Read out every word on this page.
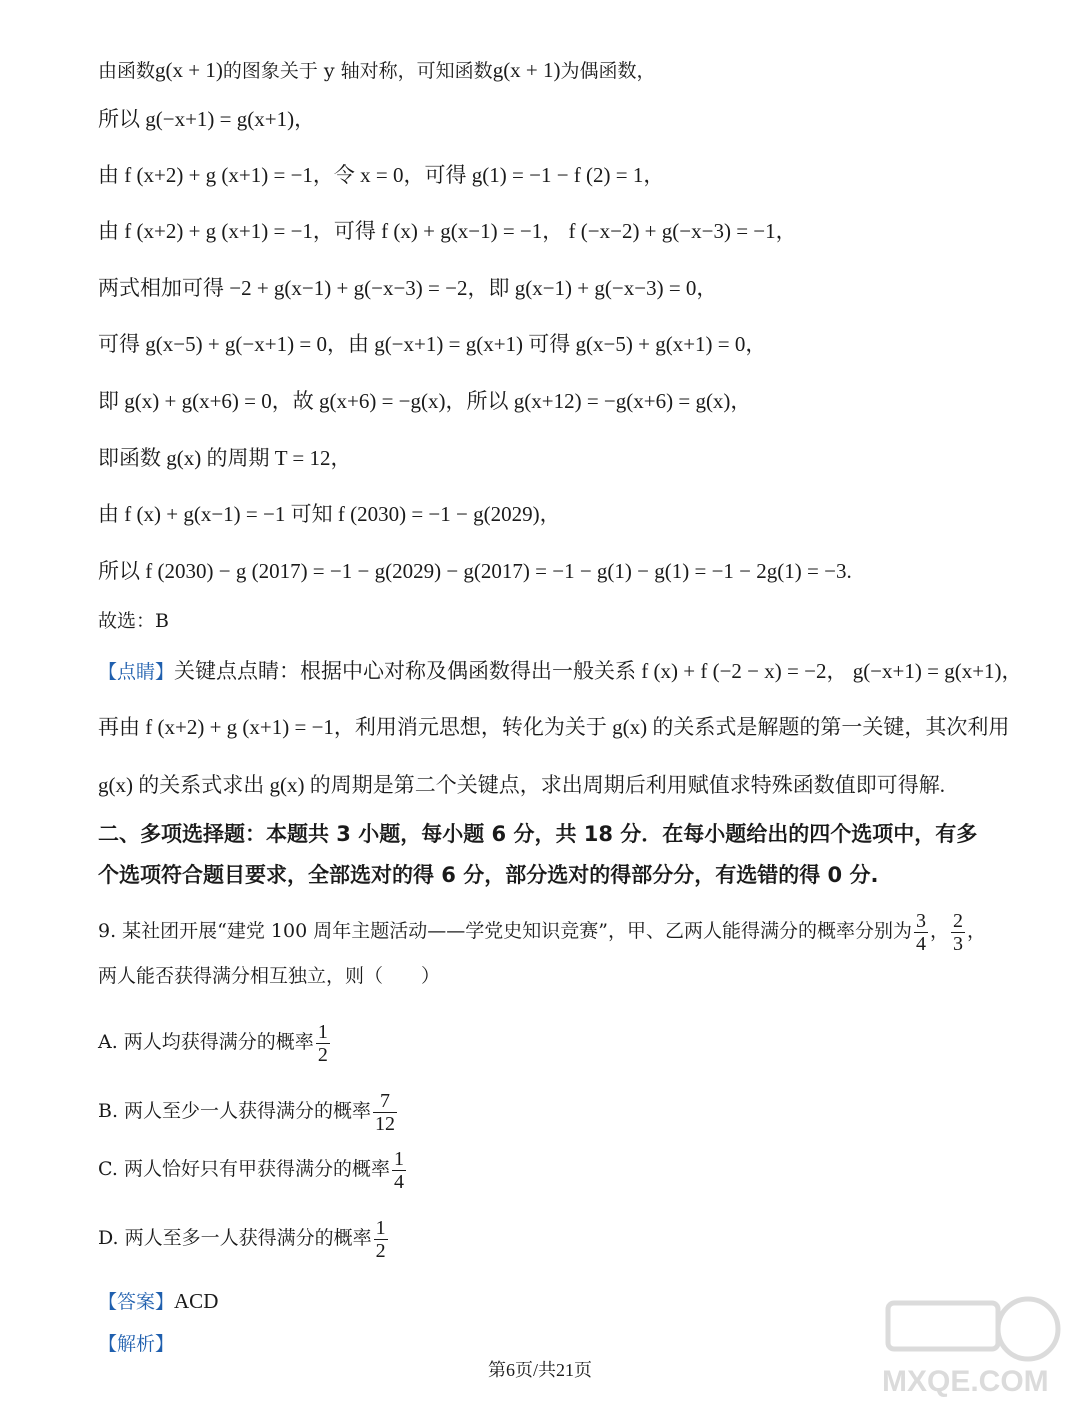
由函数g(x + 1)的图象关于 y 轴对称，可知函数g(x + 1)为偶函数，
所以 g(−x+1) = g(x+1)，
由 f (x+2) + g (x+1) = −1，令 x = 0，可得 g(1) = −1 − f (2) = 1，
由 f (x+2) + g (x+1) = −1，可得 f (x) + g(x−1) = −1， f (−x−2) + g(−x−3) = −1，
两式相加可得 −2 + g(x−1) + g(−x−3) = −2，即 g(x−1) + g(−x−3) = 0，
可得 g(x−5) + g(−x+1) = 0，由 g(−x+1) = g(x+1) 可得 g(x−5) + g(x+1) = 0，
即 g(x) + g(x+6) = 0，故 g(x+6) = −g(x)，所以 g(x+12) = −g(x+6) = g(x)，
即函数 g(x) 的周期 T = 12，
由 f (x) + g(x−1) = −1 可知 f (2030) = −1 − g(2029)，
所以 f (2030) − g (2017) = −1 − g(2029) − g(2017) = −1 − g(1) − g(1) = −1 − 2g(1) = −3.
故选：B
【点睛】关键点点睛：根据中心对称及偶函数得出一般关系 f (x) + f (−2 − x) = −2， g(−x+1) = g(x+1)，
再由 f (x+2) + g (x+1) = −1，利用消元思想，转化为关于 g(x) 的关系式是解题的第一关键，其次利用
g(x) 的关系式求出 g(x) 的周期是第二个关键点，求出周期后利用赋值求特殊函数值即可得解.
二、多项选择题：本题共 3 小题，每小题 6 分，共 18 分．在每小题给出的四个选项中，有多
个选项符合题目要求，全部选对的得 6 分，部分选对的得部分分，有选错的得 0 分.
9. 某社团开展“建党 100 周年主题活动——学党史知识竞赛”，甲、乙两人能得满分的概率分别为 $\frac{3}{4}$ ， $\frac{2}{3}$ ，
两人能否获得满分相互独立，则（　　）
A. 两人均获得满分的概率 $\frac{1}{2}$
B. 两人至少一人获得满分的概率 $\frac{7}{12}$
C. 两人恰好只有甲获得满分的概率 $\frac{1}{4}$
D. 两人至多一人获得满分的概率 $\frac{1}{2}$
【答案】ACD
【解析】
第6页/共21页	MXQE.COM
